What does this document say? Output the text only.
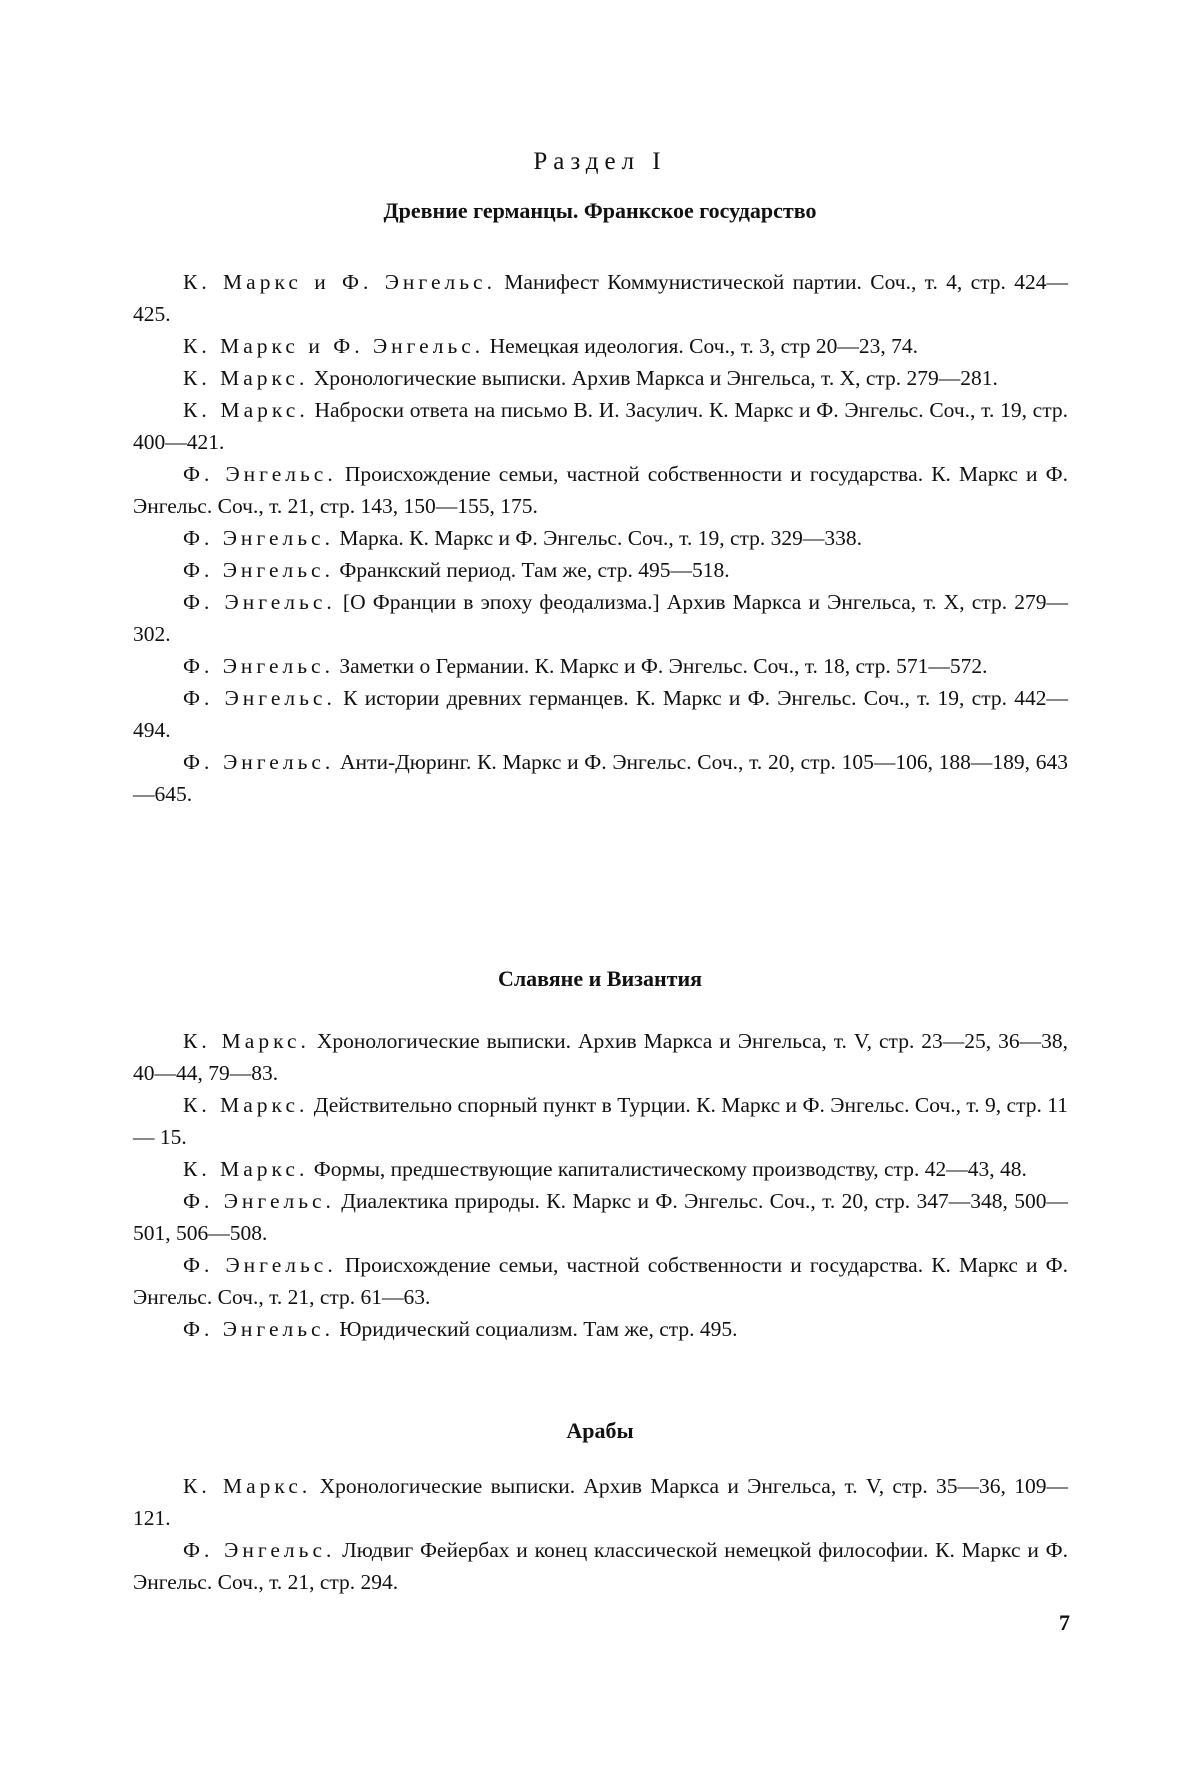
Раздел I
Древние германцы. Франкское государство

К. Маркс и Ф. Энгельс. Манифест Коммунистической партии. Соч., т. 4, стр. 424—425.

К. Маркс и Ф. Энгельс. Немецкая идеология. Соч., т. 3, стр 20—23, 74.

К. Маркс. Хронологические выписки. Архив Маркса и Энгельса, т. X, стр. 279—281.

К. Маркс. Наброски ответа на письмо В. И. Засулич. К. Маркс и Ф. Энгельс. Соч., т. 19, стр. 400—421.

Ф. Энгельс. Происхождение семьи, частной собственности и государства. К. Маркс и Ф. Энгельс. Соч., т. 21, стр. 143, 150—155, 175.

Ф. Энгельс. Марка. К. Маркс и Ф. Энгельс. Соч., т. 19, стр. 329—338.

Ф. Энгельс. Франкский период. Там же, стр. 495—518.

Ф. Энгельс. [О Франции в эпоху феодализма.] Архив Маркса и Энгельса, т. X, стр. 279—302.

Ф. Энгельс. Заметки о Германии. К. Маркс и Ф. Энгельс. Соч., т. 18, стр. 571—572.

Ф. Энгельс. К истории древних германцев. К. Маркс и Ф. Энгельс. Соч., т. 19, стр. 442—494.

Ф. Энгельс. Анти-Дюринг. К. Маркс и Ф. Энгельс. Соч., т. 20, стр. 105—106, 188—189, 643—645.

Славяне и Византия

К. Маркс. Хронологические выписки. Архив Маркса и Энгельса, т. V, стр. 23—25, 36—38, 40—44, 79—83.

К. Маркс. Действительно спорный пункт в Турции. К. Маркс и Ф. Энгельс. Соч., т. 9, стр. 11 — 15.

К. Маркс. Формы, предшествующие капиталистическому производству, стр. 42—43, 48.

Ф. Энгельс. Диалектика природы. К. Маркс и Ф. Энгельс. Соч., т. 20, стр. 347—348, 500—501, 506—508.

Ф. Энгельс. Происхождение семьи, частной собственности и государства. К. Маркс и Ф. Энгельс. Соч., т. 21, стр. 61—63.

Ф. Энгельс. Юридический социализм. Там же, стр. 495.

Арабы

К. Маркс. Хронологические выписки. Архив Маркса и Энгельса, т. V, стр. 35—36, 109—121.

Ф. Энгельс. Людвиг Фейербах и конец классической немецкой философии. К. Маркс и Ф. Энгельс. Соч., т. 21, стр. 294.

7
